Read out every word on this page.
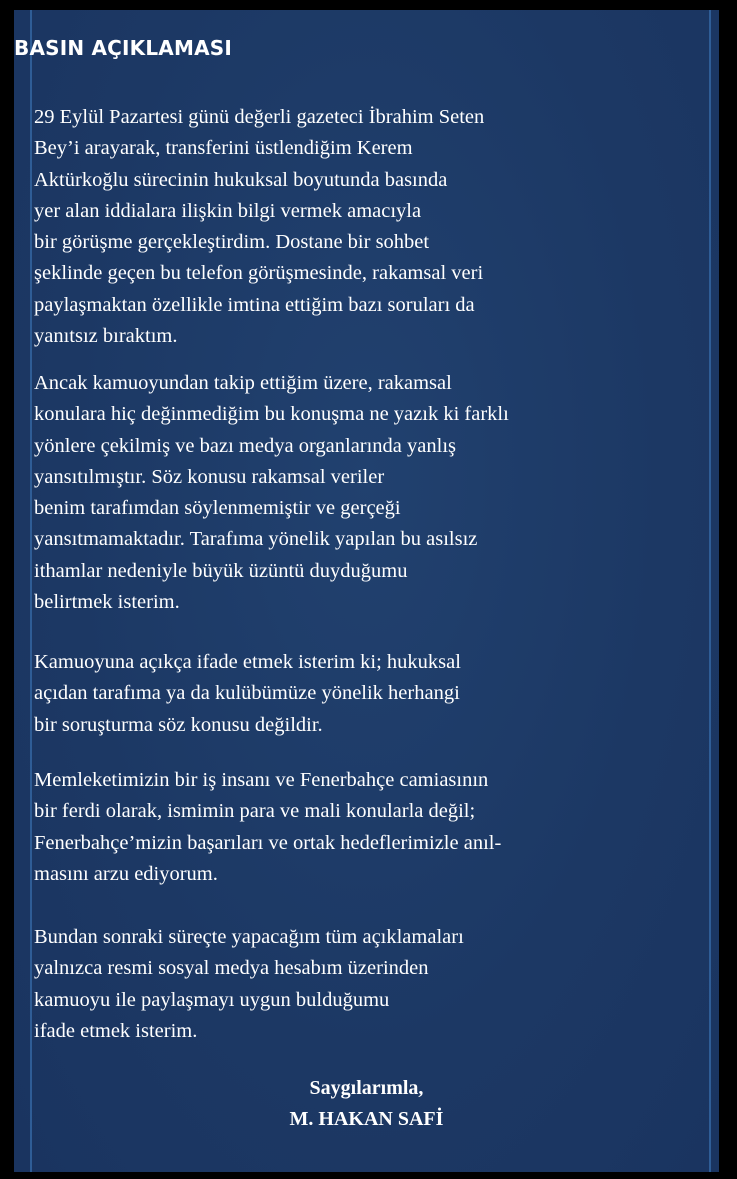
BASIN AÇIKLAMASI
29 Eylül Pazartesi günü değerli gazeteci İbrahim Seten
Bey’i arayarak, transferini üstlendiğim Kerem
Aktürkoğlu sürecinin hukuksal boyutunda basında
yer alan iddialara ilişkin bilgi vermek amacıyla
bir görüşme gerçekleştirdim. Dostane bir sohbet
şeklinde geçen bu telefon görüşmesinde, rakamsal veri
paylaşmaktan özellikle imtina ettiğim bazı soruları da
yanıtsız bıraktım.
Ancak kamuoyundan takip ettiğim üzere, rakamsal
konulara hiç değinmediğim bu konuşma ne yazık ki farklı
yönlere çekilmiş ve bazı medya organlarında yanlış
yansıtılmıştır. Söz konusu rakamsal veriler
benim tarafımdan söylenmemiştir ve gerçeği
yansıtmamaktadır. Tarafıma yönelik yapılan bu asılsız
ithamlar nedeniyle büyük üzüntü duyduğumu
belirtmek isterim.
Kamuoyuna açıkça ifade etmek isterim ki; hukuksal
açıdan tarafıma ya da kulübümüze yönelik herhangi
bir soruşturma söz konusu değildir.
Memleketimizin bir iş insanı ve Fenerbahçe camiasının
bir ferdi olarak, ismimin para ve mali konularla değil;
Fenerbahçe’mizin başarıları ve ortak hedeflerimizle anıl-
masını arzu ediyorum.
Bundan sonraki süreçte yapacağım tüm açıklamaları
yalnızca resmi sosyal medya hesabım üzerinden
kamuoyu ile paylaşmayı uygun bulduğumu
ifade etmek isterim.
Saygılarımla,
M. HAKAN SAFİ
